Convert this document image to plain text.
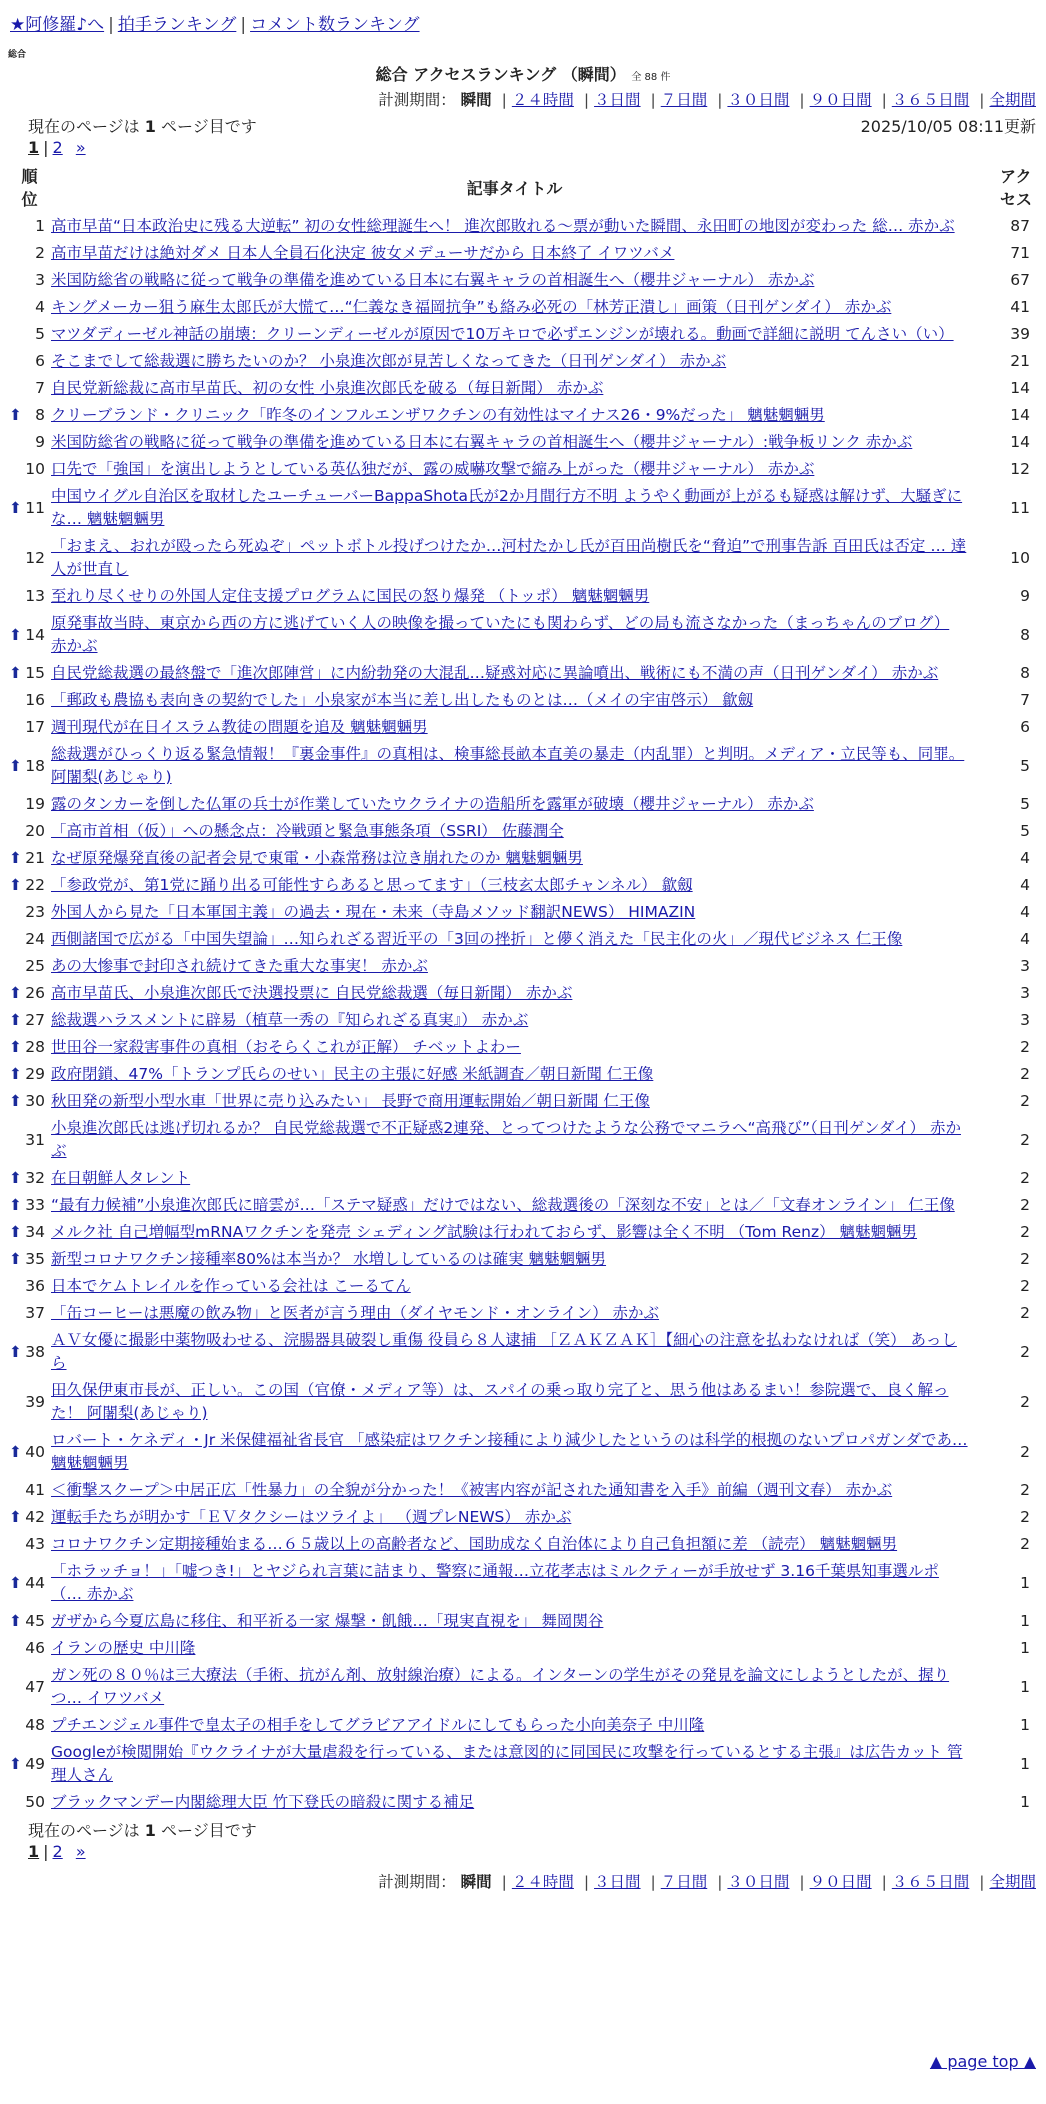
★阿修羅♪へ | 拍手ランキング | コメント数ランキング
総合
総合 アクセスランキング （瞬間） 全 88 件
計測期間： 瞬間 | ２４時間 | ３日間 | ７日間 | ３０日間 | ９０日間 | ３６５日間 | 全期間
現在のページは 1 ページ目です	2025/10/05 08:11更新
1 | 2 »
順位		記事タイトル	アクセス
	1	高市早苗“日本政治史に残る大逆転” 初の女性総理誕生へ！ 進次郎敗れる〜票が動いた瞬間、永田町の地図が変わった 総… 赤かぶ	87
	2	高市早苗だけは絶対ダメ 日本人全員石化決定 彼女メデューサだから 日本終了 イワツバメ	71
	3	米国防総省の戦略に従って戦争の準備を進めている日本に右翼キャラの首相誕生へ（櫻井ジャーナル） 赤かぶ	67
	4	キングメーカー狙う麻生太郎氏が大慌て…“仁義なき福岡抗争”も絡み必死の「林芳正潰し」画策（日刊ゲンダイ） 赤かぶ	41
	5	マツダディーゼル神話の崩壊：クリーンディーゼルが原因で10万キロで必ずエンジンが壊れる。動画で詳細に説明 てんさい（い）	39
	6	そこまでして総裁選に勝ちたいのか？ 小泉進次郎が見苦しくなってきた（日刊ゲンダイ） 赤かぶ	21
	7	自民党新総裁に高市早苗氏、初の女性 小泉進次郎氏を破る（毎日新聞） 赤かぶ	14
⬆	8	クリーブランド・クリニック「昨冬のインフルエンザワクチンの有効性はマイナス26・9%だった」 魑魅魍魎男	14
	9	米国防総省の戦略に従って戦争の準備を進めている日本に右翼キャラの首相誕生へ（櫻井ジャーナル）:戦争板リンク 赤かぶ	14
	10	口先で「強国」を演出しようとしている英仏独だが、露の威嚇攻撃で縮み上がった（櫻井ジャーナル） 赤かぶ	12
⬆	11	中国ウイグル自治区を取材したユーチューバーBappaShota氏が2か月間行方不明 ようやく動画が上がるも疑惑は解けず、大騒ぎにな… 魑魅魍魎男	11
	12	「おまえ、おれが殴ったら死ぬぞ」ペットボトル投げつけたか…河村たかし氏が百田尚樹氏を“脅迫”で刑事告訴 百田氏は否定 … 達人が世直し	10
	13	至れり尽くせりの外国人定住支援プログラムに国民の怒り爆発 （トッポ） 魑魅魍魎男	9
⬆	14	原発事故当時、東京から西の方に逃げていく人の映像を撮っていたにも関わらず、どの局も流さなかった（まっちゃんのブログ） 赤かぶ	8
⬆	15	自民党総裁選の最終盤で「進次郎陣営」に内紛勃発の大混乱…疑惑対応に異論噴出、戦術にも不満の声（日刊ゲンダイ） 赤かぶ	8
	16	「郵政も農協も表向きの契約でした」小泉家が本当に差し出したものとは…（メイの宇宙啓示） 歙劔	7
	17	週刊現代が在日イスラム教徒の問題を追及 魑魅魍魎男	6
⬆	18	総裁選がひっくり返る緊急情報！『裏金事件』の真相は、検事総長畝本直美の暴走（内乱罪）と判明。メディア・立民等も、同罪。 阿闍梨(あじゃり)	5
	19	露のタンカーを倒した仏軍の兵士が作業していたウクライナの造船所を露軍が破壊（櫻井ジャーナル） 赤かぶ	5
	20	「高市首相（仮）」への懸念点：冷戦頭と緊急事態条項（SSRI） 佐藤潤全	5
⬆	21	なぜ原発爆発直後の記者会見で東電・小森常務は泣き崩れたのか 魑魅魍魎男	4
⬆	22	「参政党が、第1党に踊り出る可能性すらあると思ってます」（三枝玄太郎チャンネル） 歙劔	4
	23	外国人から見た「日本軍国主義」の過去・現在・未来（寺島メソッド翻訳NEWS） HIMAZIN	4
	24	西側諸国で広がる「中国失望論」…知られざる習近平の「3回の挫折」と儚く消えた「民主化の火」／現代ビジネス 仁王像	4
	25	あの大惨事で封印され続けてきた重大な事実！ 赤かぶ	3
⬆	26	高市早苗氏、小泉進次郎氏で決選投票に 自民党総裁選（毎日新聞） 赤かぶ	3
⬆	27	総裁選ハラスメントに辟易（植草一秀の『知られざる真実』） 赤かぶ	3
⬆	28	世田谷一家殺害事件の真相（おそらくこれが正解） チベットよわー	2
⬆	29	政府閉鎖、47%「トランプ氏らのせい」民主の主張に好感 米紙調査／朝日新聞 仁王像	2
⬆	30	秋田発の新型小型水車「世界に売り込みたい」 長野で商用運転開始／朝日新聞 仁王像	2
	31	小泉進次郎氏は逃げ切れるか？ 自民党総裁選で不正疑惑2連発、とってつけたような公務でマニラへ“高飛び”（日刊ゲンダイ） 赤かぶ	2
⬆	32	在日朝鮮人タレント	2
⬆	33	“最有力候補”小泉進次郎氏に暗雲が…「ステマ疑惑」だけではない、総裁選後の「深刻な不安」とは／「文春オンライン」 仁王像	2
⬆	34	メルク社 自己増幅型mRNAワクチンを発売 シェディング試験は行われておらず、影響は全く不明 （Tom Renz） 魑魅魍魎男	2
⬆	35	新型コロナワクチン接種率80%は本当か？ 水増ししているのは確実 魑魅魍魎男	2
	36	日本でケムトレイルを作っている会社は こーるてん	2
	37	「缶コーヒーは悪魔の飲み物」と医者が言う理由（ダイヤモンド・オンライン） 赤かぶ	2
⬆	38	ＡＶ女優に撮影中薬物吸わせる、浣腸器具破裂し重傷 役員ら８人逮捕 ［ＺＡＫＺＡＫ］【細心の注意を払わなければ（笑） あっしら	2
	39	田久保伊東市長が、正しい。この国（官僚・メディア等）は、スパイの乗っ取り完了と、思う他はあるまい！参院選で、良く解った！ 阿闍梨(あじゃり)	2
⬆	40	ロバート・ケネディ・Jr 米保健福祉省長官 「感染症はワクチン接種により減少したというのは科学的根拠のないプロパガンダであ… 魑魅魍魎男	2
	41	＜衝撃スクープ＞中居正広「性暴力」の全貌が分かった！《被害内容が記された通知書を入手》前編（週刊文春） 赤かぶ	2
⬆	42	運転手たちが明かす「ＥＶタクシーはツライよ」 （週プレNEWS） 赤かぶ	2
	43	コロナワクチン定期接種始まる…６５歳以上の高齢者など、国助成なく自治体により自己負担額に差 （読売） 魑魅魍魎男	2
⬆	44	「ホラッチョ！」「嘘つき!」とヤジられ言葉に詰まり、警察に通報…立花孝志はミルクティーが手放せず 3.16千葉県知事選ルポ（… 赤かぶ	1
⬆	45	ガザから今夏広島に移住、和平祈る一家 爆撃・飢餓…「現実直視を」 舞岡関谷	1
	46	イランの歴史 中川隆	1
	47	ガン死の８０％は三大療法（手術、抗がん剤、放射線治療）による。インターンの学生がその発見を論文にしようとしたが、握りつ… イワツバメ	1
	48	プチエンジェル事件で皇太子の相手をしてグラビアアイドルにしてもらった小向美奈子 中川隆	1
⬆	49	Googleが検閲開始『ウクライナが大量虐殺を行っている、または意図的に同国民に攻撃を行っているとする主張』は広告カット 管理人さん	1
	50	ブラックマンデー内閣総理大臣 竹下登氏の暗殺に関する補足	1
現在のページは 1 ページ目です
1 | 2 »
計測期間： 瞬間 | ２４時間 | ３日間 | ７日間 | ３０日間 | ９０日間 | ３６５日間 | 全期間
▲ page top ▲
